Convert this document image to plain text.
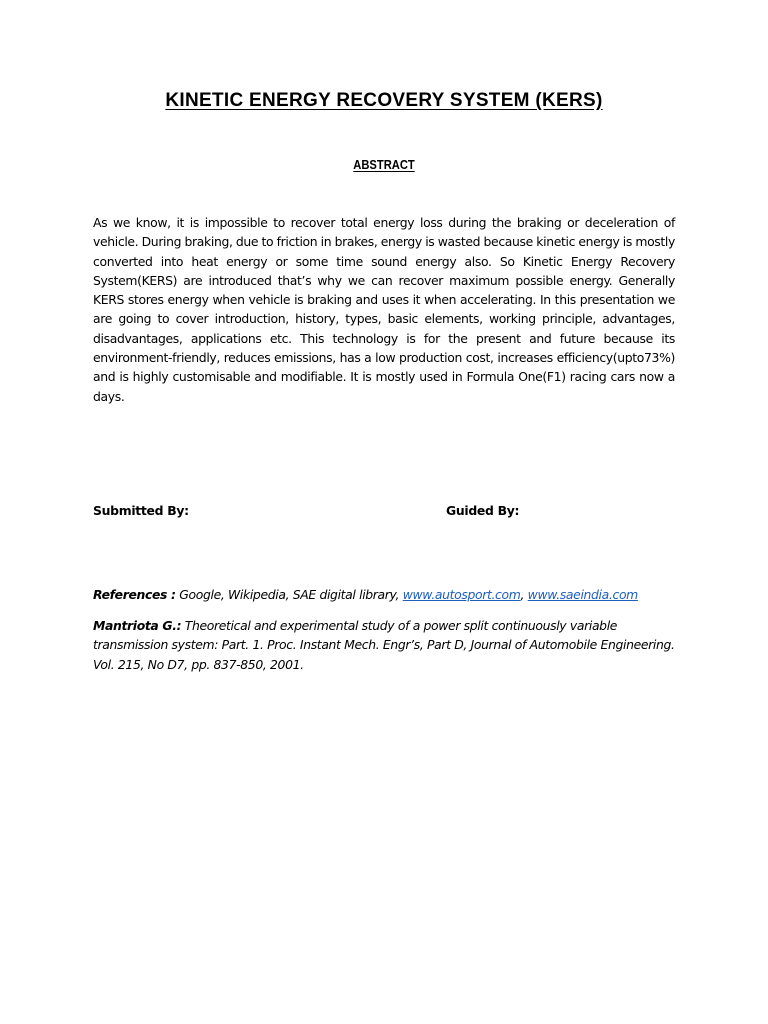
KINETIC ENERGY RECOVERY SYSTEM (KERS)
ABSTRACT

As we know, it is impossible to recover total energy loss during the braking or deceleration of vehicle. During braking, due to friction in brakes, energy is wasted because kinetic energy is mostly converted into heat energy or some time sound energy also. So Kinetic Energy Recovery System(KERS) are introduced that’s why we can recover maximum possible energy. Generally KERS stores energy when vehicle is braking and uses it when accelerating. In this presentation we are going to cover introduction, history, types, basic elements, working principle, advantages, disadvantages, applications etc. This technology is for the present and future because its environment-friendly, reduces emissions, has a low production cost, increases efficiency(upto73%) and is highly customisable and modifiable. It is mostly used in Formula One(F1) racing cars now a days.

Submitted By:	Guided By:
References : Google, Wikipedia, SAE digital library, www.autosport.com, www.saeindia.com

Mantriota G.: Theoretical and experimental study of a power split continuously variable transmission system: Part. 1. Proc. Instant Mech. Engr’s, Part D, Journal of Automobile Engineering. Vol. 215, No D7, pp. 837-850, 2001.
